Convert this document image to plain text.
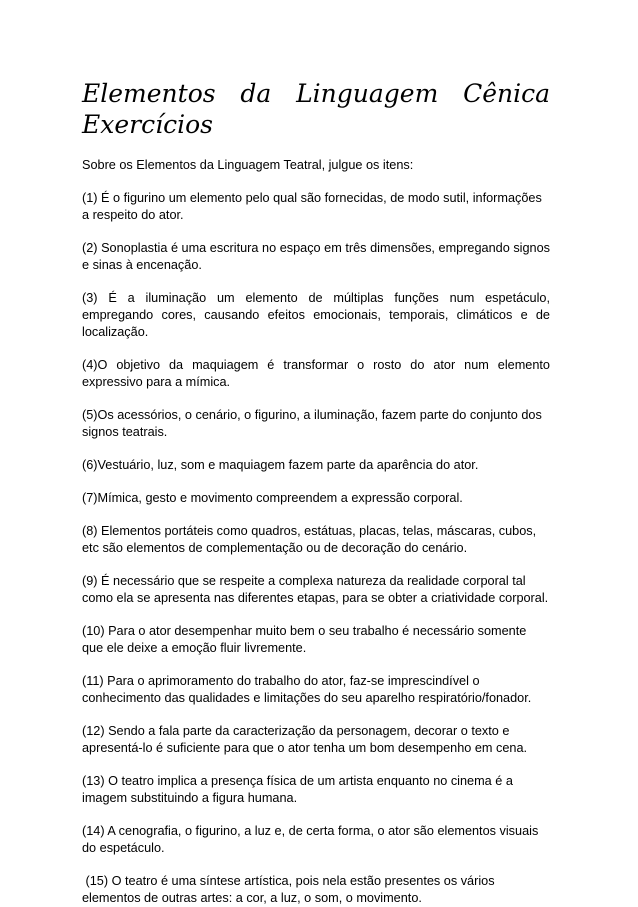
Elementos da Linguagem Cênica
Exercícios

Sobre os Elementos da Linguagem Teatral, julgue os itens:

(1) É o figurino um elemento pelo qual são fornecidas, de modo sutil, informações a respeito do ator.

(2) Sonoplastia é uma escritura no espaço em três dimensões, empregando signos e sinas à encenação.

(3) É a iluminação um elemento de múltiplas funções num espetáculo, empregando cores, causando efeitos emocionais, temporais, climáticos e de localização.

(4)O objetivo da maquiagem é transformar o rosto do ator num elemento expressivo para a mímica.

(5)Os acessórios, o cenário, o figurino, a iluminação, fazem parte do conjunto dos signos teatrais.

(6)Vestuário, luz, som e maquiagem fazem parte da aparência do ator.

(7)Mímica, gesto e movimento compreendem a expressão corporal.

(8) Elementos portáteis como quadros, estátuas, placas, telas, máscaras, cubos, etc são elementos de complementação ou de decoração do cenário.

(9) É necessário que se respeite a complexa natureza da realidade corporal tal como ela se apresenta nas diferentes etapas, para se obter a criatividade corporal.

(10) Para o ator desempenhar muito bem o seu trabalho é necessário somente que ele deixe a emoção fluir livremente.

(11) Para o aprimoramento do trabalho do ator, faz-se imprescindível o conhecimento das qualidades e limitações do seu aparelho respiratório/fonador.

(12) Sendo a fala parte da caracterização da personagem, decorar o texto e apresentá-lo é suficiente para que o ator tenha um bom desempenho em cena.

(13) O teatro implica a presença física de um artista enquanto no cinema é a imagem substituindo a figura humana.

(14) A cenografia, o figurino, a luz e, de certa forma, o ator são elementos visuais do espetáculo.

(15) O teatro é uma síntese artística, pois nela estão presentes os vários elementos de outras artes: a cor, a luz, o som, o movimento.
